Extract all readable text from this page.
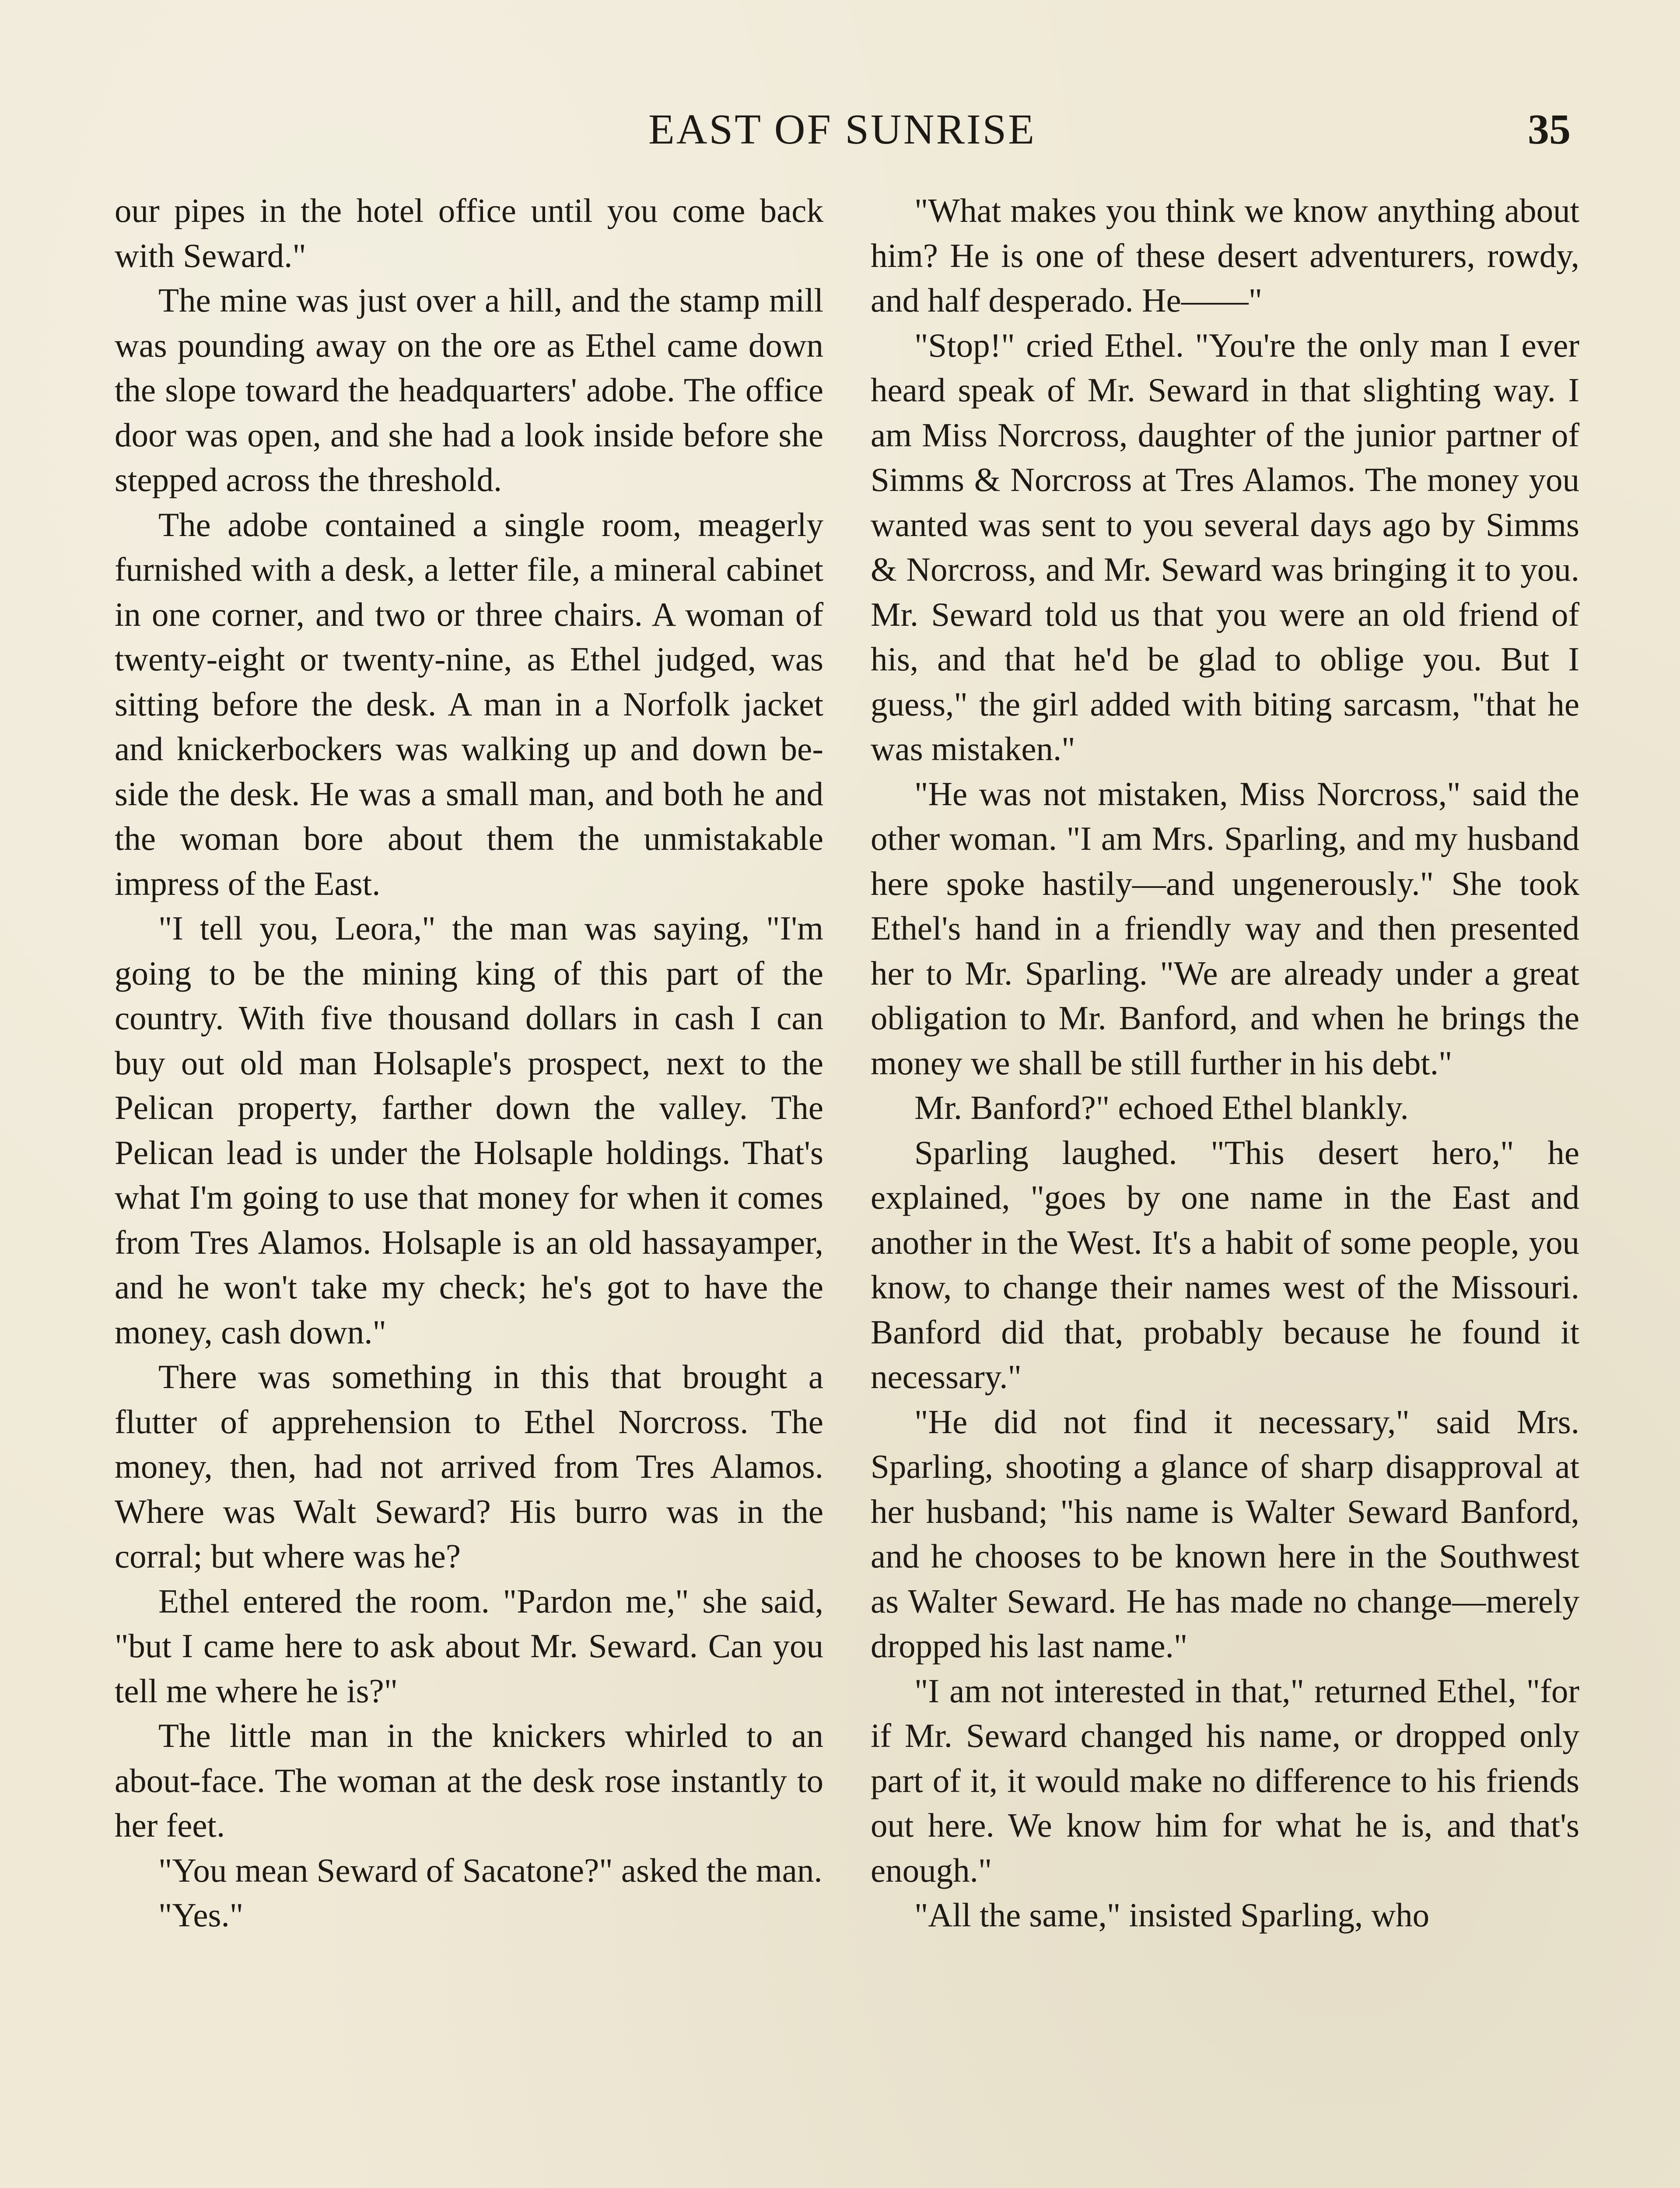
EAST OF SUNRISE	35

our pipes in the hotel office until you come back with Seward."

The mine was just over a hill, and the stamp mill was pounding away on the ore as Ethel came down the slope toward the headquarters' adobe. The office door was open, and she had a look inside before she stepped across the threshold.

The adobe contained a single room, meagerly furnished with a desk, a letter file, a mineral cabinet in one corner, and two or three chairs. A woman of twenty-eight or twenty-nine, as Ethel judged, was sitting before the desk. A man in a Norfolk jacket and knickerbockers was walking up and down beside the desk. He was a small man, and both he and the woman bore about them the unmistakable impress of the East.

"I tell you, Leora," the man was saying, "I'm going to be the mining king of this part of the country. With five thousand dollars in cash I can buy out old man Holsaple's prospect, next to the Pelican property, farther down the valley. The Pelican lead is under the Holsaple holdings. That's what I'm going to use that money for when it comes from Tres Alamos. Holsaple is an old hassayamper, and he won't take my check; he's got to have the money, cash down."

There was something in this that brought a flutter of apprehension to Ethel Norcross. The money, then, had not arrived from Tres Alamos. Where was Walt Seward? His burro was in the corral; but where was he?

Ethel entered the room. "Pardon me," she said, "but I came here to ask about Mr. Seward. Can you tell me where he is?"

The little man in the knickers whirled to an about-face. The woman at the desk rose instantly to her feet.

"You mean Seward of Sacatone?" asked the man.

"Yes."

"What makes you think we know anything about him? He is one of these desert adventurers, rowdy, and half desperado. He——"

"Stop!" cried Ethel. "You're the only man I ever heard speak of Mr. Seward in that slighting way. I am Miss Norcross, daughter of the junior partner of Simms & Norcross at Tres Alamos. The money you wanted was sent to you several days ago by Simms & Norcross, and Mr. Seward was bringing it to you. Mr. Seward told us that you were an old friend of his, and that he'd be glad to oblige you. But I guess," the girl added with biting sarcasm, "that he was mistaken."

"He was not mistaken, Miss Norcross," said the other woman. "I am Mrs. Sparling, and my husband here spoke hastily—and ungenerously." She took Ethel's hand in a friendly way and then presented her to Mr. Sparling. "We are already under a great obligation to Mr. Banford, and when he brings the money we shall be still further in his debt."

Mr. Banford?" echoed Ethel blankly.

Sparling laughed. "This desert hero," he explained, "goes by one name in the East and another in the West. It's a habit of some people, you know, to change their names west of the Missouri. Banford did that, probably because he found it necessary."

"He did not find it necessary," said Mrs. Sparling, shooting a glance of sharp disapproval at her husband; "his name is Walter Seward Banford, and he chooses to be known here in the Southwest as Walter Seward. He has made no change—merely dropped his last name."

"I am not interested in that," returned Ethel, "for if Mr. Seward changed his name, or dropped only part of it, it would make no difference to his friends out here. We know him for what he is, and that's enough."

"All the same," insisted Sparling, who
